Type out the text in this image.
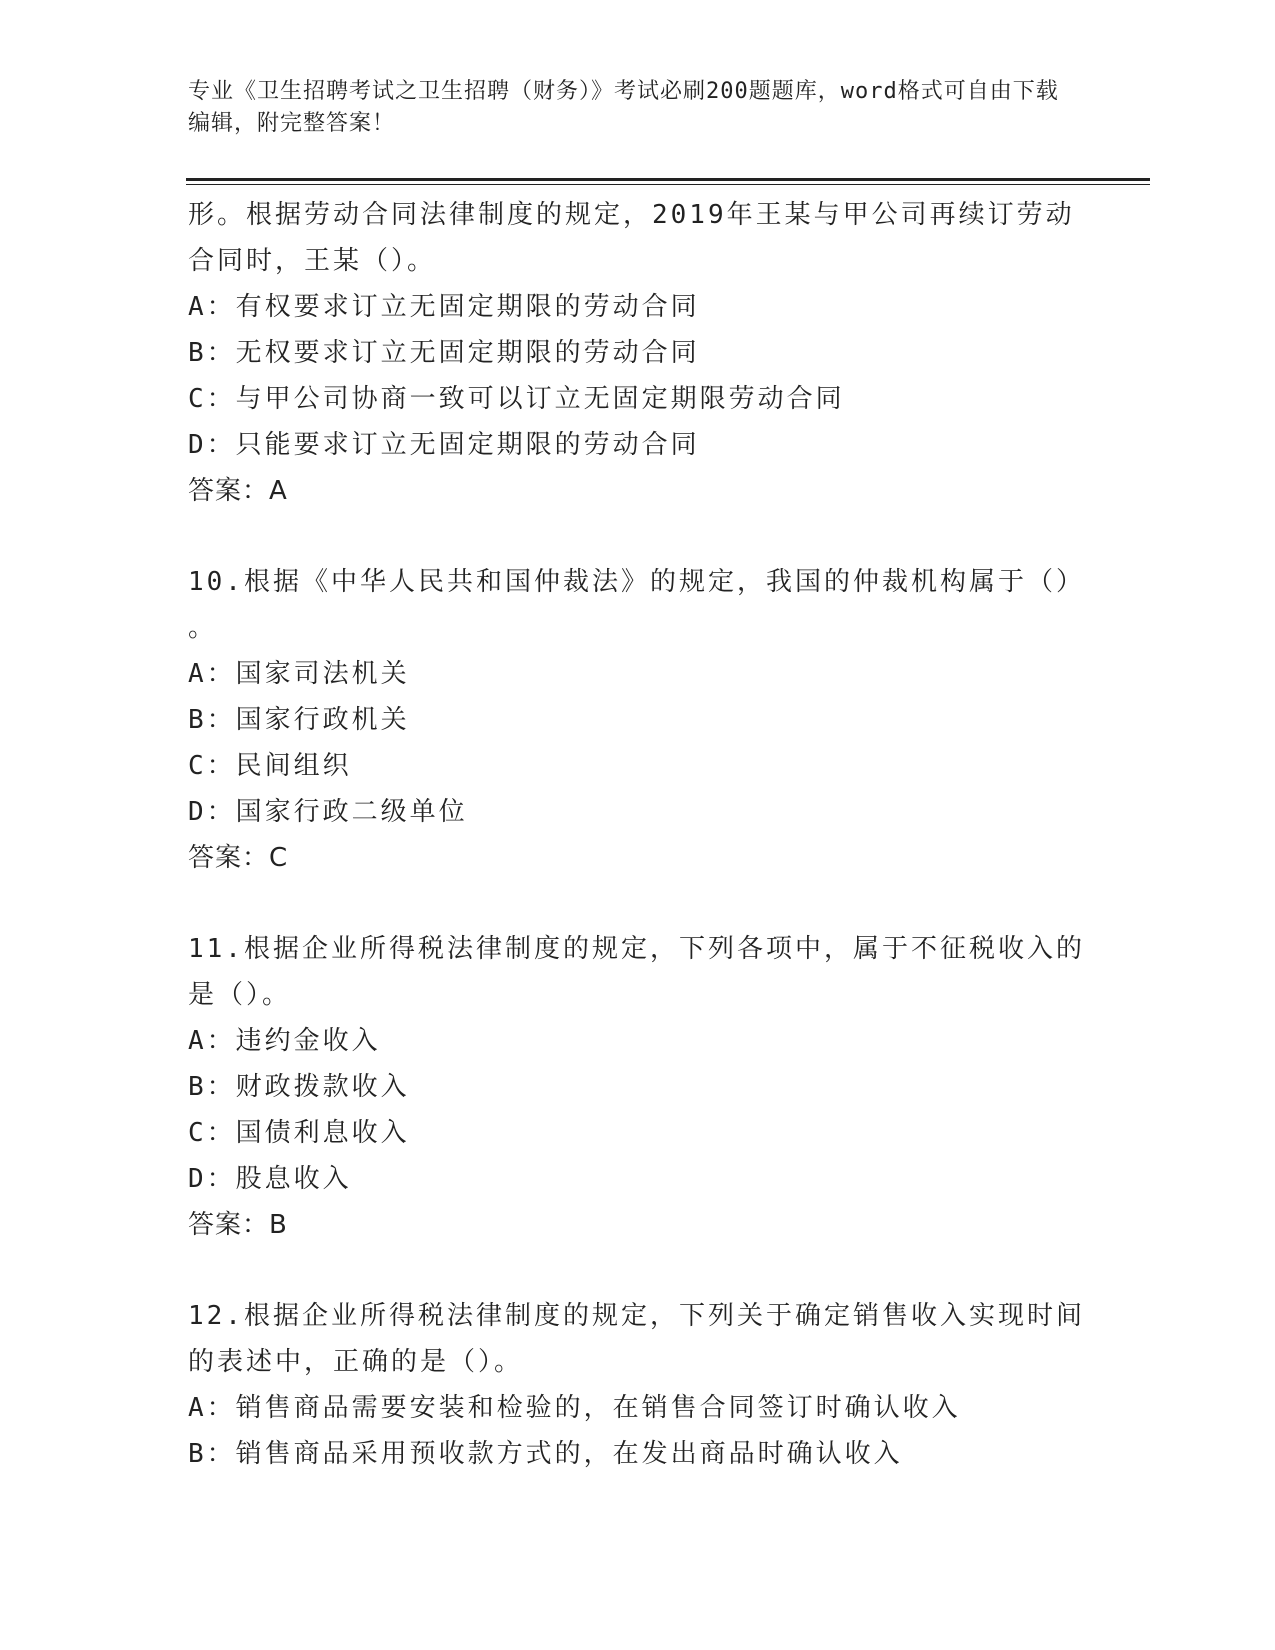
专业《卫生招聘考试之卫生招聘（财务）》考试必刷200题题库，word格式可自由下载编辑，附完整答案！
形。根据劳动合同法律制度的规定，2019年王某与甲公司再续订劳动
合同时，王某（）。
A：有权要求订立无固定期限的劳动合同
B：无权要求订立无固定期限的劳动合同
C：与甲公司协商一致可以订立无固定期限劳动合同
D：只能要求订立无固定期限的劳动合同
答案：A
10.根据《中华人民共和国仲裁法》的规定，我国的仲裁机构属于（）
。
A：国家司法机关
B：国家行政机关
C：民间组织
D：国家行政二级单位
答案：C
11.根据企业所得税法律制度的规定，下列各项中，属于不征税收入的
是（）。
A：违约金收入
B：财政拨款收入
C：国债利息收入
D：股息收入
答案：B
12.根据企业所得税法律制度的规定，下列关于确定销售收入实现时间
的表述中，正确的是（）。
A：销售商品需要安装和检验的，在销售合同签订时确认收入
B：销售商品采用预收款方式的，在发出商品时确认收入
